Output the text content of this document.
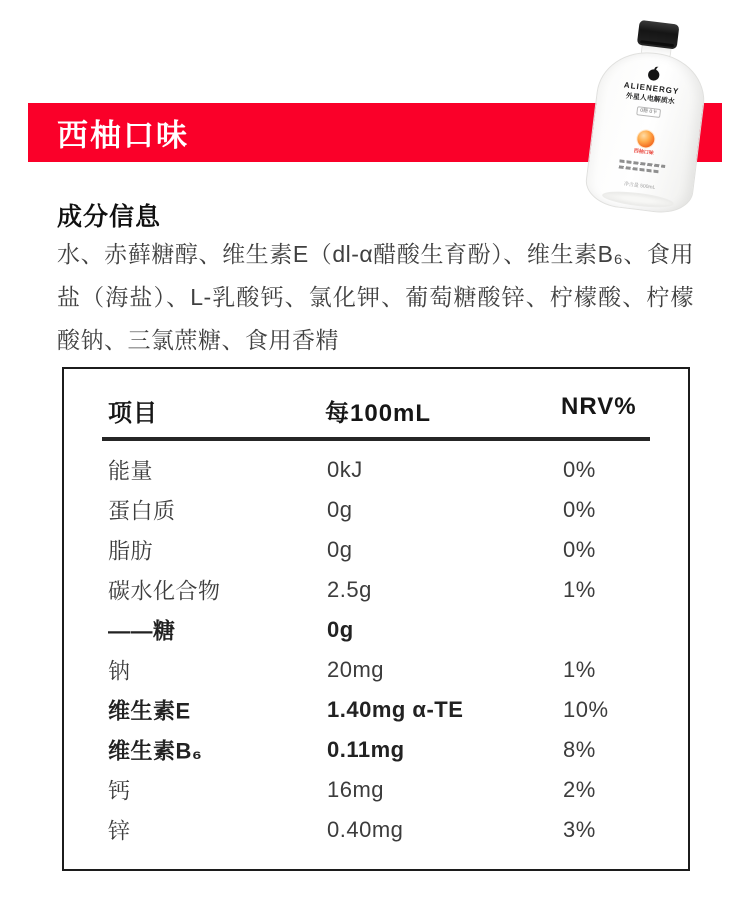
西柚口味
ALIENERGY
外星人电解质水
0糖 0卡
西柚口味
净含量 500mL
成分信息
水、赤藓糖醇、维生素E（dl-α醋酸生育酚）、维生素B₆、食用盐（海盐）、L-乳酸钙、氯化钾、葡萄糖酸锌、柠檬酸、柠檬酸钠、三氯蔗糖、食用香精
项目	每100mL	NRV%
能量	0kJ	0%
蛋白质	0g	0%
脂肪	0g	0%
碳水化合物	2.5g	1%
——糖	0g
钠	20mg	1%
维生素E	1.40mg α-TE	10%
维生素B₆	0.11mg	8%
钙	16mg	2%
锌	0.40mg	3%
